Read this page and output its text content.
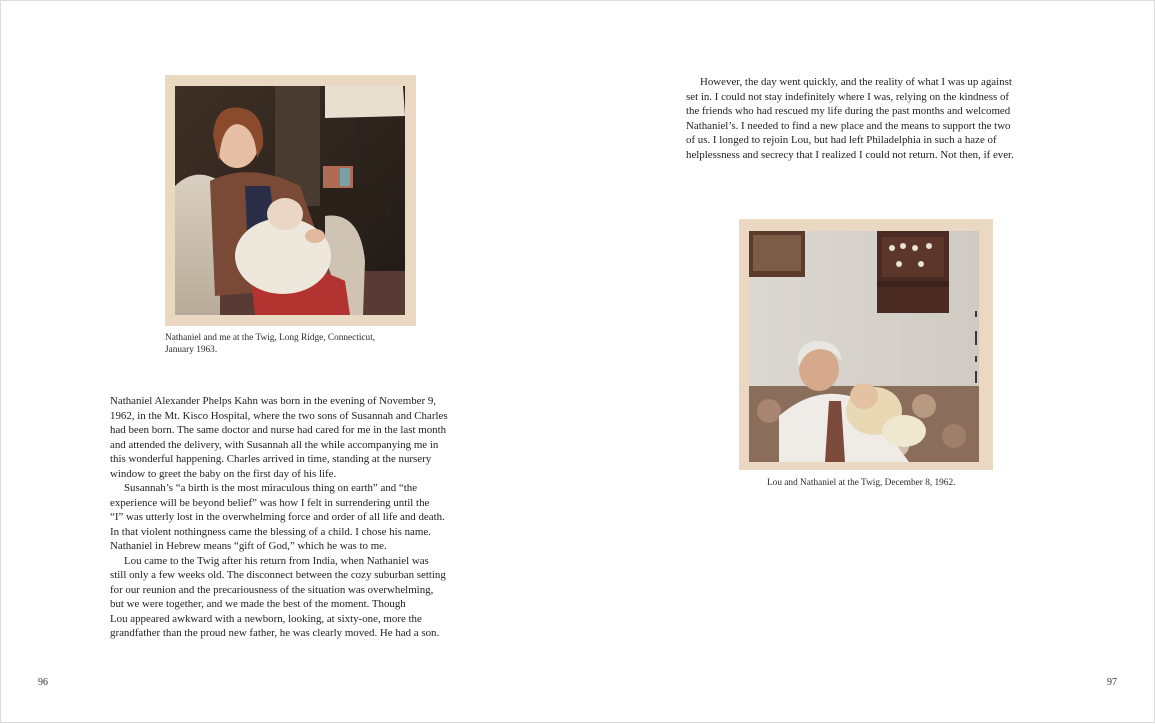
Nathaniel and me at the Twig, Long Ridge, Connecticut,
January 1963.

Nathaniel Alexander Phelps Kahn was born in the evening of November 9,
1962, in the Mt. Kisco Hospital, where the two sons of Susannah and Charles
had been born. The same doctor and nurse had cared for me in the last month
and attended the delivery, with Susannah all the while accompanying me in
this wonderful happening. Charles arrived in time, standing at the nursery
window to greet the baby on the first day of his life.

Susannah’s “a birth is the most miraculous thing on earth” and “the
experience will be beyond belief” was how I felt in surrendering until the
“I” was utterly lost in the overwhelming force and order of all life and death.
In that violent nothingness came the blessing of a child. I chose his name.
Nathaniel in Hebrew means “gift of God,” which he was to me.

Lou came to the Twig after his return from India, when Nathaniel was
still only a few weeks old. The disconnect between the cozy suburban setting
for our reunion and the precariousness of the situation was overwhelming,
but we were together, and we made the best of the moment. Though
Lou appeared awkward with a newborn, looking, at sixty-one, more the
grandfather than the proud new father, he was clearly moved. He had a son.

96

However, the day went quickly, and the reality of what I was up against
set in. I could not stay indefinitely where I was, relying on the kindness of
the friends who had rescued my life during the past months and welcomed
Nathaniel’s. I needed to find a new place and the means to support the two
of us. I longed to rejoin Lou, but had left Philadelphia in such a haze of
helplessness and secrecy that I realized I could not return. Not then, if ever.

Lou and Nathaniel at the Twig, December 8, 1962.
97
